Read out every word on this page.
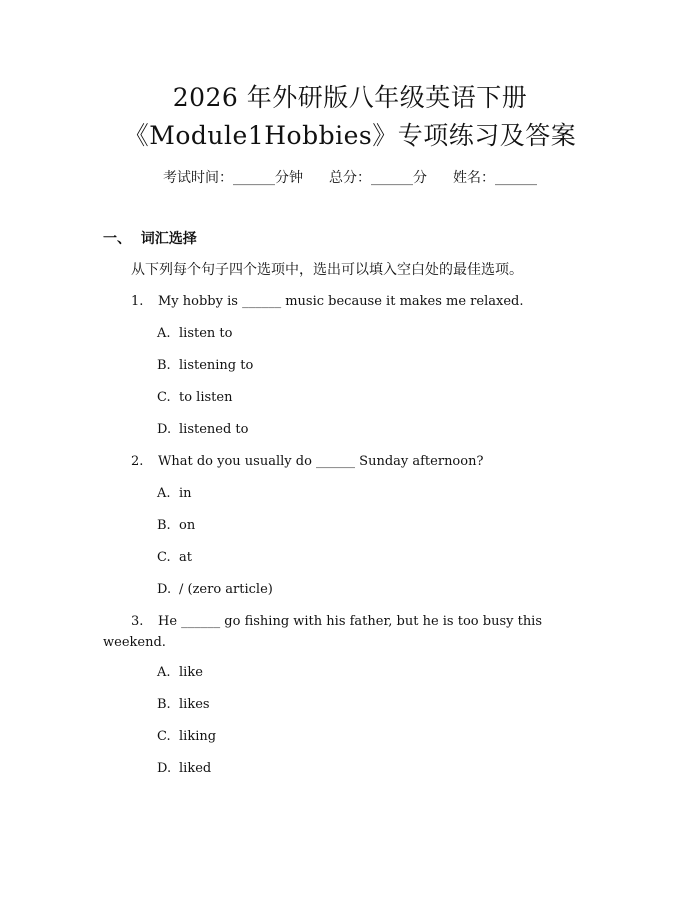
2026 年外研版八年级英语下册
《Module1Hobbies》专项练习及答案
考试时间：______分钟 总分：______分 姓名：______
一、  词汇选择
从下列每个句子四个选项中，选出可以填入空白处的最佳选项。
1. My hobby is ______ music because it makes me relaxed.
A. listen to
B. listening to
C. to listen
D. listened to
2. What do you usually do ______ Sunday afternoon?
A. in
B. on
C. at
D. / (zero article)
3. He ______ go fishing with his father, but he is too busy this weekend.
A. like
B. likes
C. liking
D. liked
